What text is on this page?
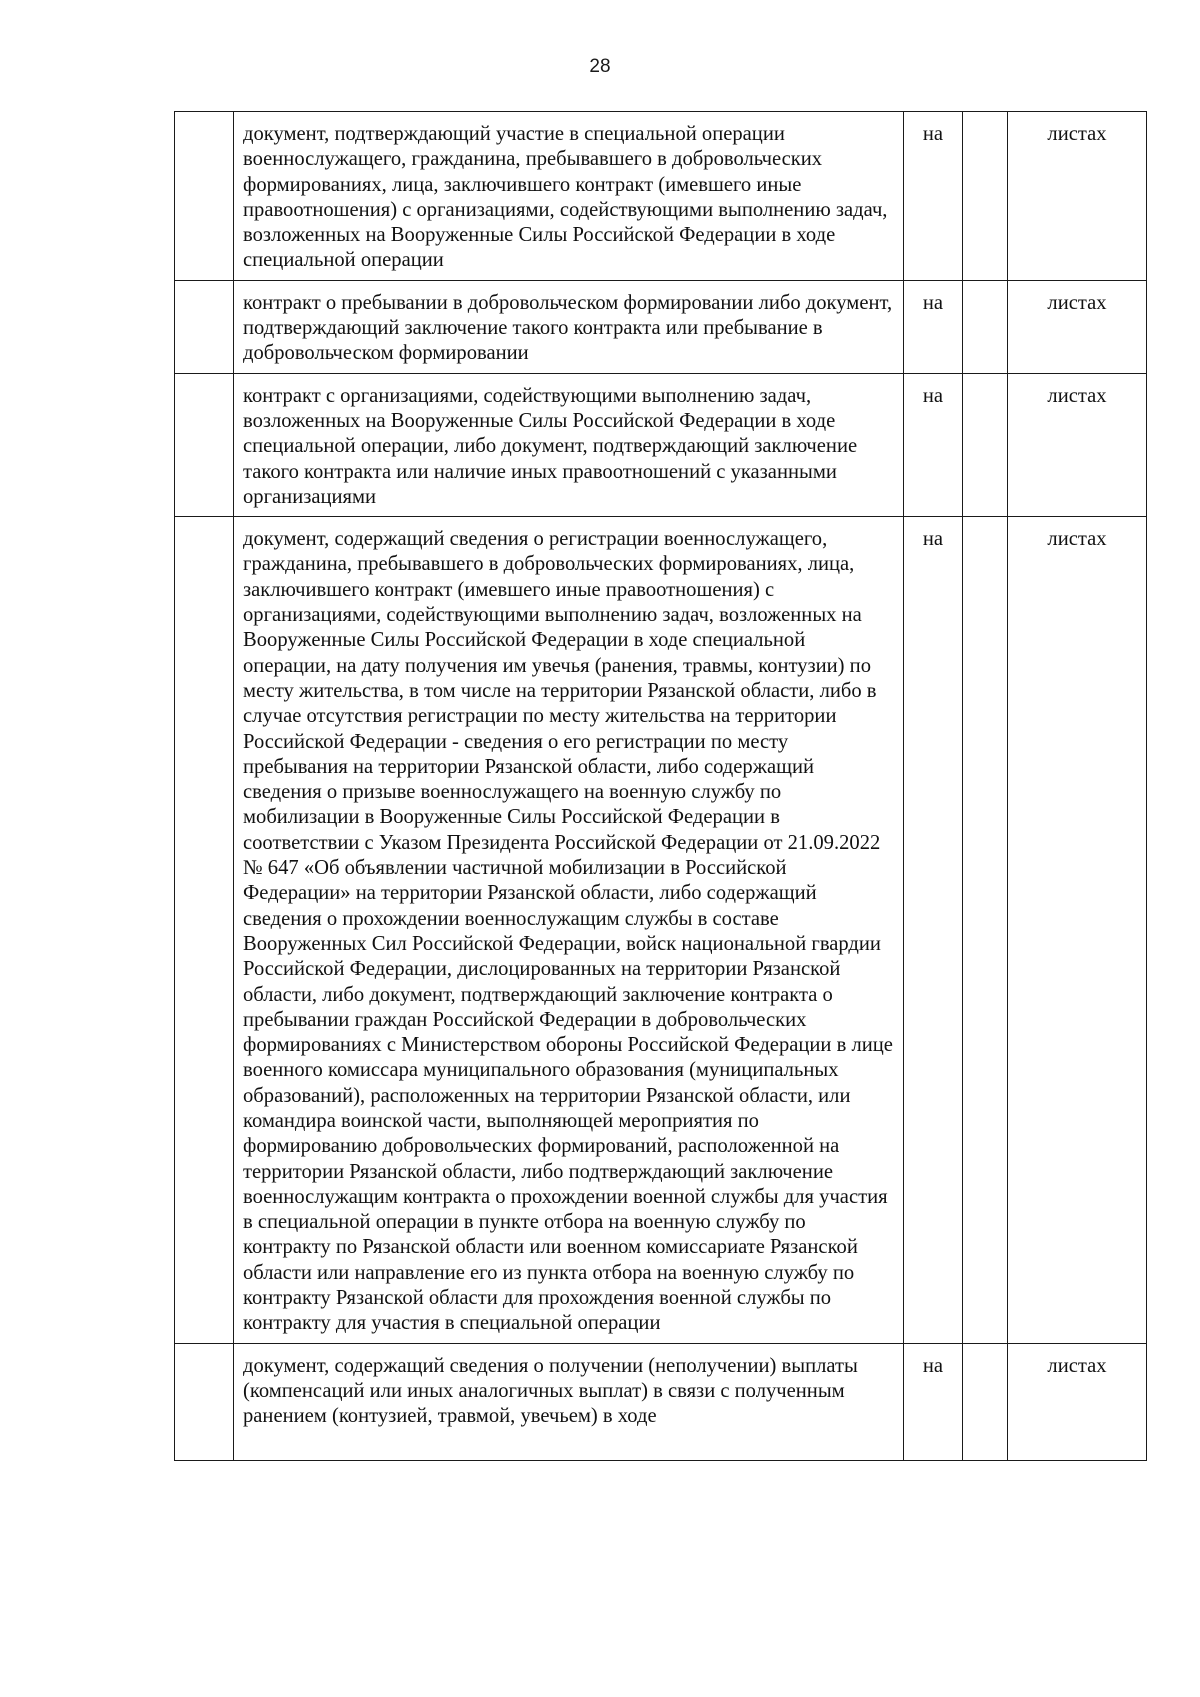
28
	документ, подтверждающий участие в специальной операции военнослужащего, гражданина, пребывавшего в добровольческих формированиях, лица, заключившего контракт (имевшего иные правоотношения) с организациями, содействующими выполнению задач, возложенных на Вооруженные Силы Российской Федерации в ходе специальной операции	на		листах
	контракт о пребывании в добровольческом формировании либо документ, подтверждающий заключение такого контракта или пребывание в добровольческом формировании	на		листах
	контракт с организациями, содействующими выполнению задач, возложенных на Вооруженные Силы Российской Федерации в ходе специальной операции, либо документ, подтверждающий заключение такого контракта или наличие иных правоотношений с указанными организациями	на		листах
	документ, содержащий сведения о регистрации военнослужащего, гражданина, пребывавшего в добровольческих формированиях, лица, заключившего контракт (имевшего иные правоотношения) с организациями, содействующими выполнению задач, возложенных на Вооруженные Силы Российской Федерации в ходе специальной операции, на дату получения им увечья (ранения, травмы, контузии) по месту жительства, в том числе на территории Рязанской области, либо в случае отсутствия регистрации по месту жительства на территории Российской Федерации - сведения о его регистрации по месту пребывания на территории Рязанской области, либо содержащий сведения о призыве военнослужащего на военную службу по мобилизации в Вооруженные Силы Российской Федерации в соответствии с Указом Президента Российской Федерации от 21.09.2022 № 647 «Об объявлении частичной мобилизации в Российской Федерации» на территории Рязанской области, либо содержащий сведения о прохождении военнослужащим службы в составе Вооруженных Сил Российской Федерации, войск национальной гвардии Российской Федерации, дислоцированных на территории Рязанской области, либо документ, подтверждающий заключение контракта о пребывании граждан Российской Федерации в добровольческих формированиях с Министерством обороны Российской Федерации в лице военного комиссара муниципального образования (муниципальных образований), расположенных на территории Рязанской области, или командира воинской части, выполняющей мероприятия по формированию добровольческих формирований, расположенной на территории Рязанской области, либо подтверждающий заключение военнослужащим контракта о прохождении военной службы для участия в специальной операции в пункте отбора на военную службу по контракту по Рязанской области или военном комиссариате Рязанской области или направление его из пункта отбора на военную службу по контракту Рязанской области для прохождения военной службы по контракту для участия в специальной операции	на		листах
	документ, содержащий сведения о получении (неполучении) выплаты (компенсаций или иных аналогичных выплат) в связи с полученным ранением (контузией, травмой, увечьем) в ходе	на		листах
